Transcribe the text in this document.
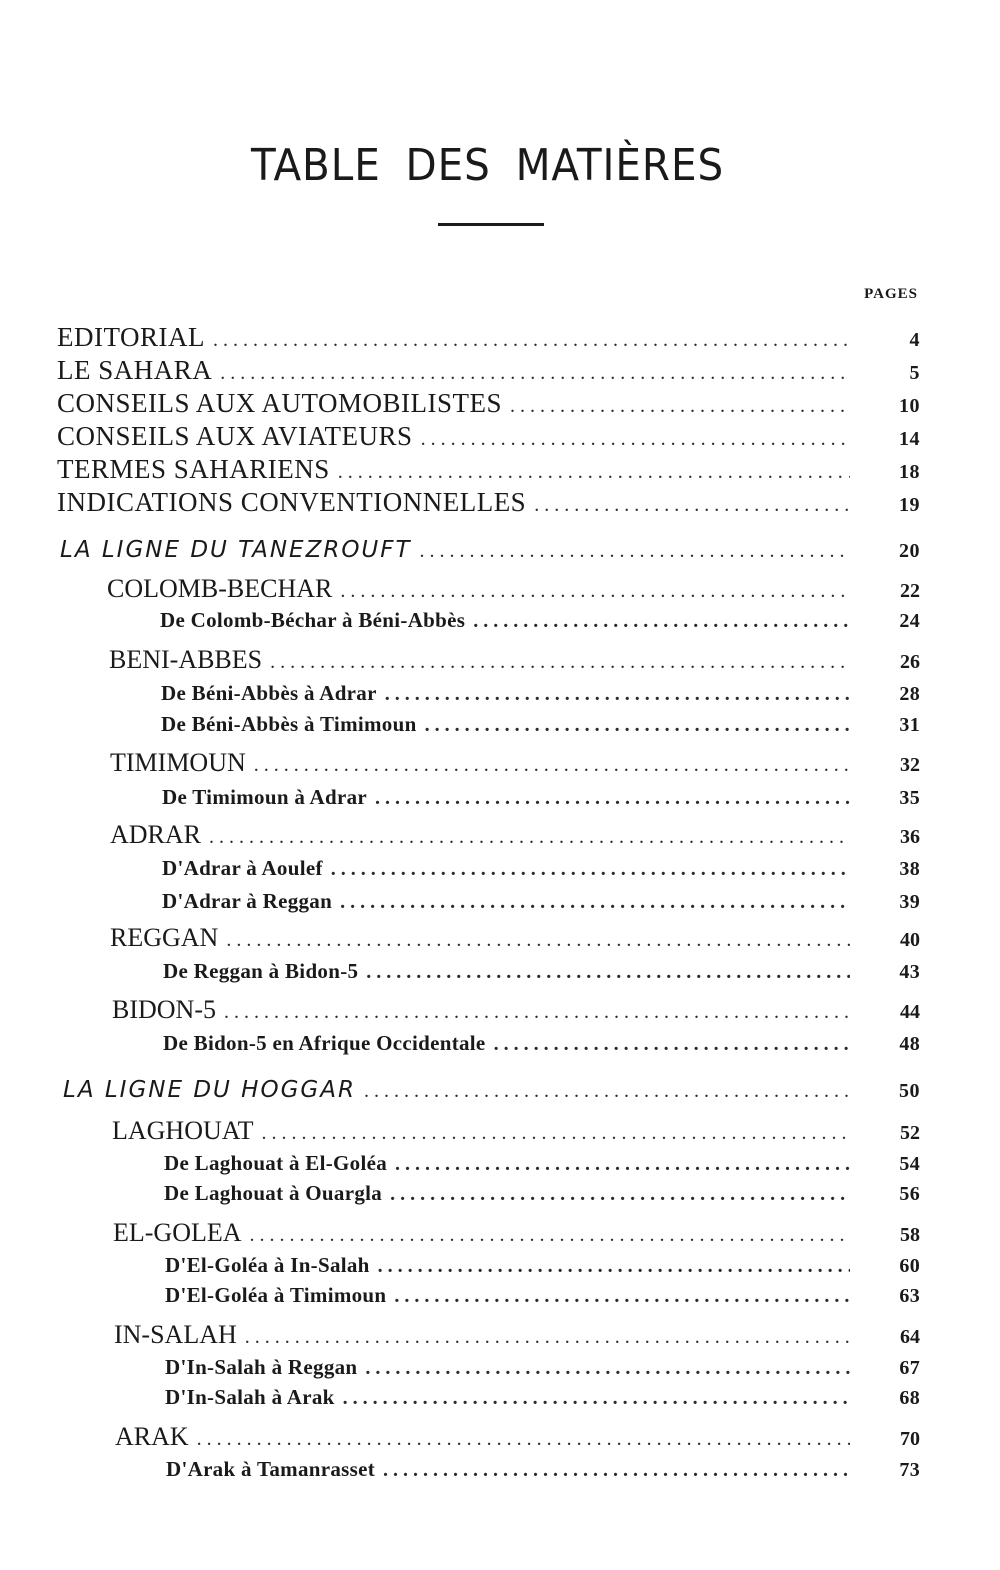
TABLE DES MATIÈRES
PAGES
EDITORIAL . . .	4
LE SAHARA . . .	5
CONSEILS AUX AUTOMOBILISTES . . .	10
CONSEILS AUX AVIATEURS . . .	14
TERMES SAHARIENS . . .	18
INDICATIONS CONVENTIONNELLES . . .	19
LA LIGNE DU TANEZROUFT . . .	20
COLOMB-BECHAR . . .	22
De Colomb-Béchar à Béni-Abbès . . .	24
BENI-ABBES . . .	26
De Béni-Abbès à Adrar . . .	28
De Béni-Abbès à Timimoun . . .	31
TIMIMOUN . . .	32
De Timimoun à Adrar . . .	35
ADRAR . . .	36
D'Adrar à Aoulef . . .	38
D'Adrar à Reggan . . .	39
REGGAN . . .	40
De Reggan à Bidon-5 . . .	43
BIDON-5 . . .	44
De Bidon-5 en Afrique Occidentale . . .	48
LA LIGNE DU HOGGAR . . .	50
LAGHOUAT . . .	52
De Laghouat à El-Goléa . . .	54
De Laghouat à Ouargla . . .	56
EL-GOLEA . . .	58
D'El-Goléa à In-Salah . . .	60
D'El-Goléa à Timimoun . . .	63
IN-SALAH . . .	64
D'In-Salah à Reggan . . .	67
D'In-Salah à Arak . . .	68
ARAK . . .	70
D'Arak à Tamanrasset . . .	73
